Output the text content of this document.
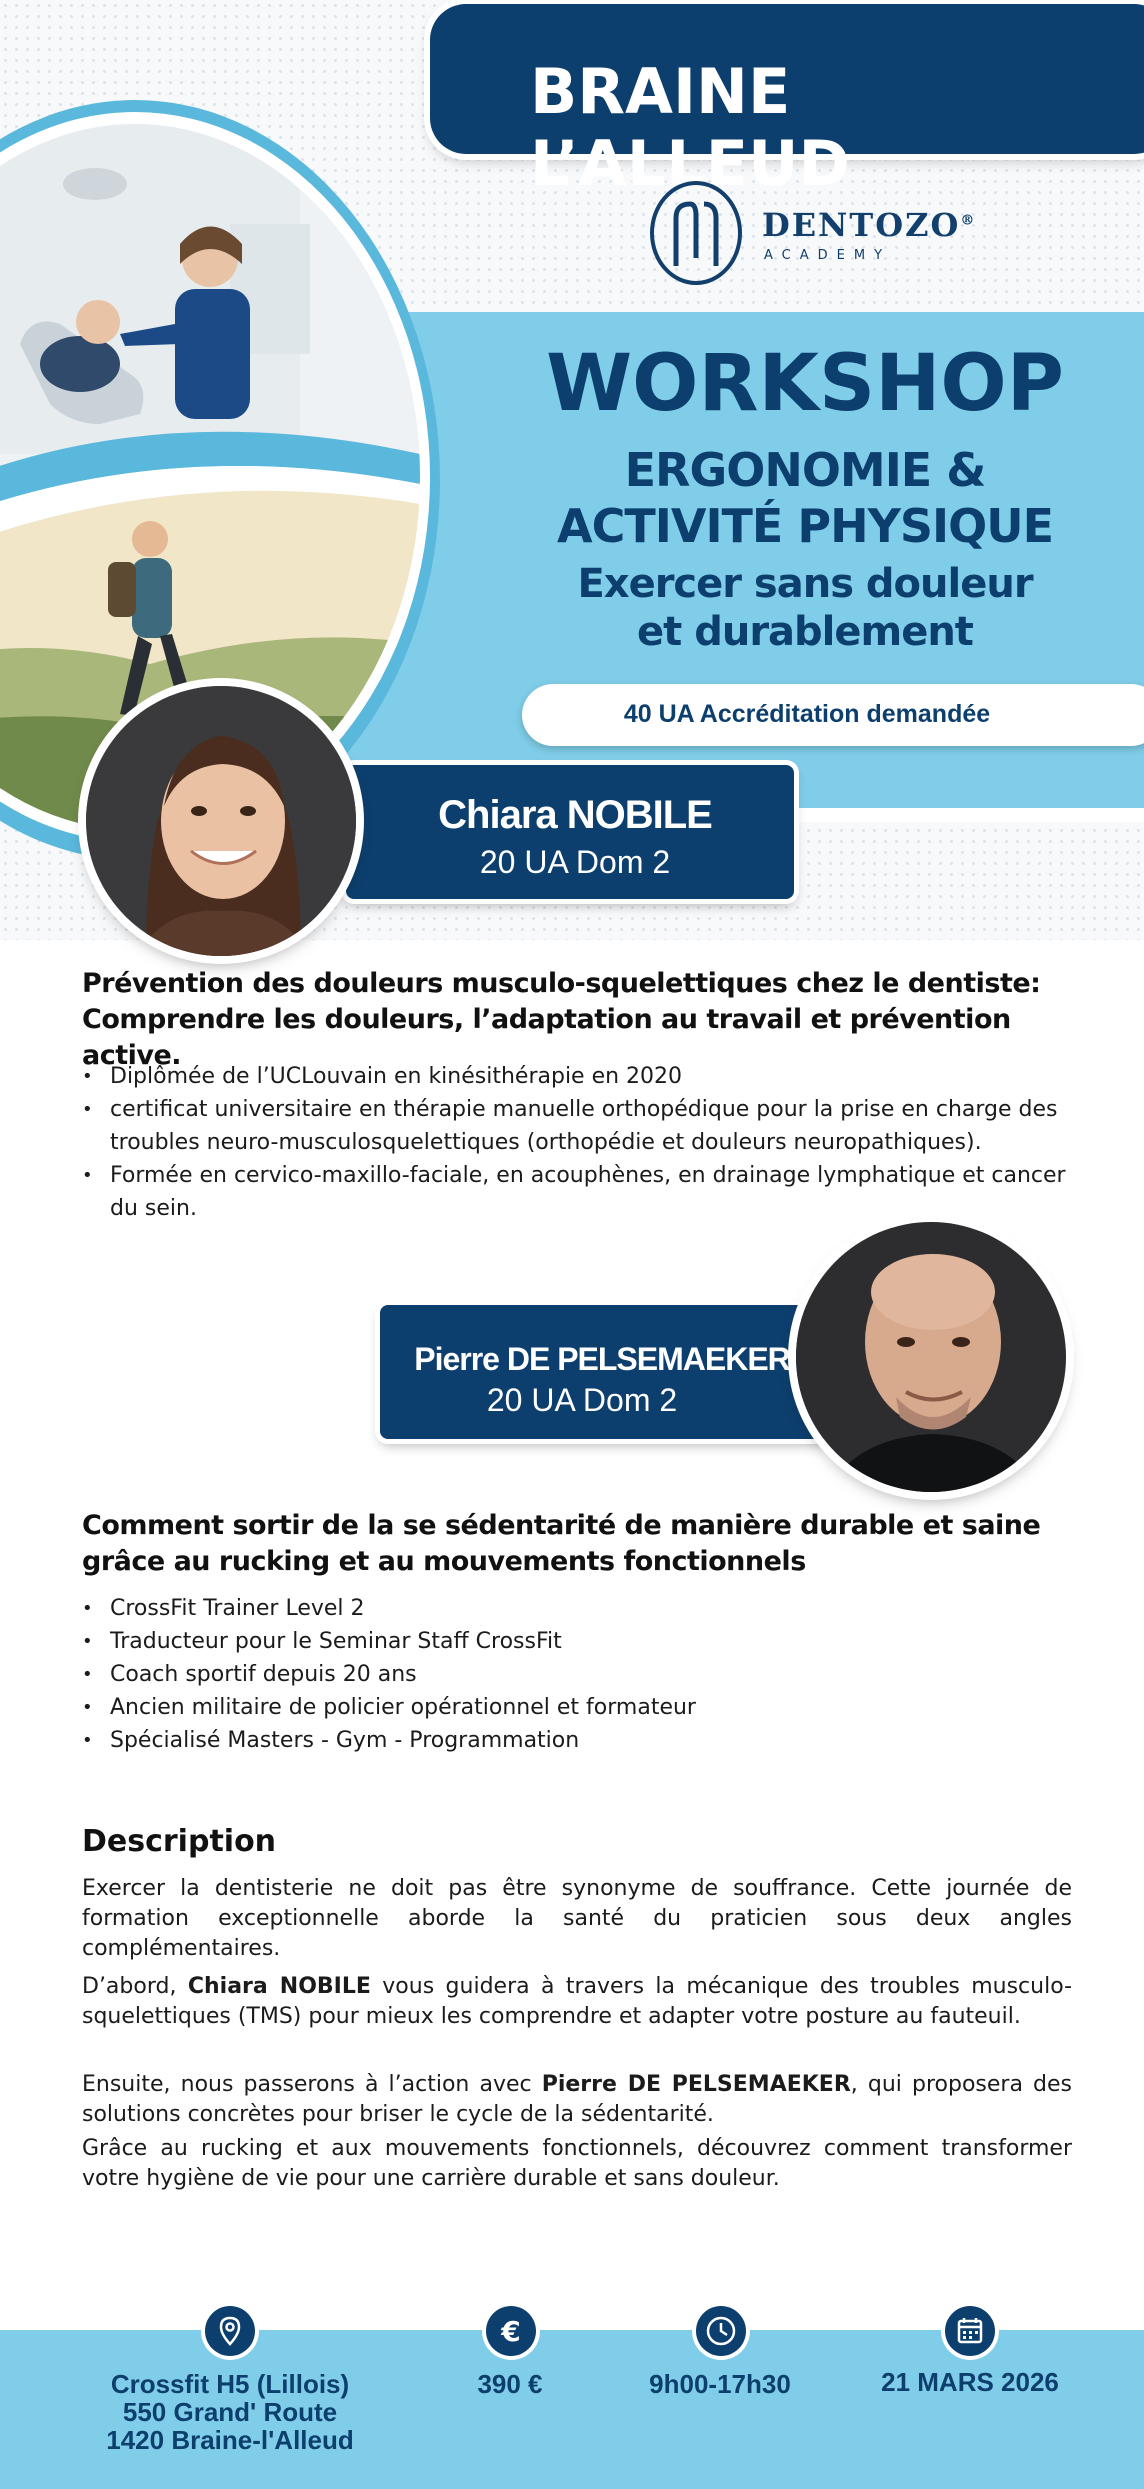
BRAINE L’ALLEUD
DENTOZO®
ACADEMY
WORKSHOP
ERGONOMIE &
ACTIVITÉ PHYSIQUE
Exercer sans douleur
et durablement
40 UA Accréditation demandée
Chiara NOBILE
20 UA Dom 2
Prévention des douleurs musculo-squelettiques chez le dentiste:
Comprendre les douleurs, l’adaptation au travail et prévention active.
• Diplômée de l’UCLouvain en kinésithérapie en 2020
• certificat universitaire en thérapie manuelle orthopédique pour la prise en charge des troubles neuro-musculosquelettiques (orthopédie et douleurs neuropathiques).
• Formée en cervico-maxillo-faciale, en acouphènes, en drainage lymphatique et cancer du sein.
Pierre DE PELSEMAEKER
20 UA Dom 2
Comment sortir de la se sédentarité de manière durable et saine
grâce au rucking et au mouvements fonctionnels
• CrossFit Trainer Level 2
• Traducteur pour le Seminar Staff CrossFit
• Coach sportif depuis 20 ans
• Ancien militaire de policier opérationnel et formateur
• Spécialisé Masters - Gym - Programmation
Description
Exercer la dentisterie ne doit pas être synonyme de souffrance. Cette journée de formation exceptionnelle aborde la santé du praticien sous deux angles complémentaires.
D’abord, Chiara NOBILE vous guidera à travers la mécanique des troubles musculo-squelettiques (TMS) pour mieux les comprendre et adapter votre posture au fauteuil.
Ensuite, nous passerons à l’action avec Pierre DE PELSEMAEKER, qui proposera des solutions concrètes pour briser le cycle de la sédentarité.
Grâce au rucking et aux mouvements fonctionnels, découvrez comment transformer votre hygiène de vie pour une carrière durable et sans douleur.
€
Crossfit H5 (Lillois)
550 Grand' Route
1420 Braine-l'Alleud
390 €	9h00-17h30	21 MARS 2026
